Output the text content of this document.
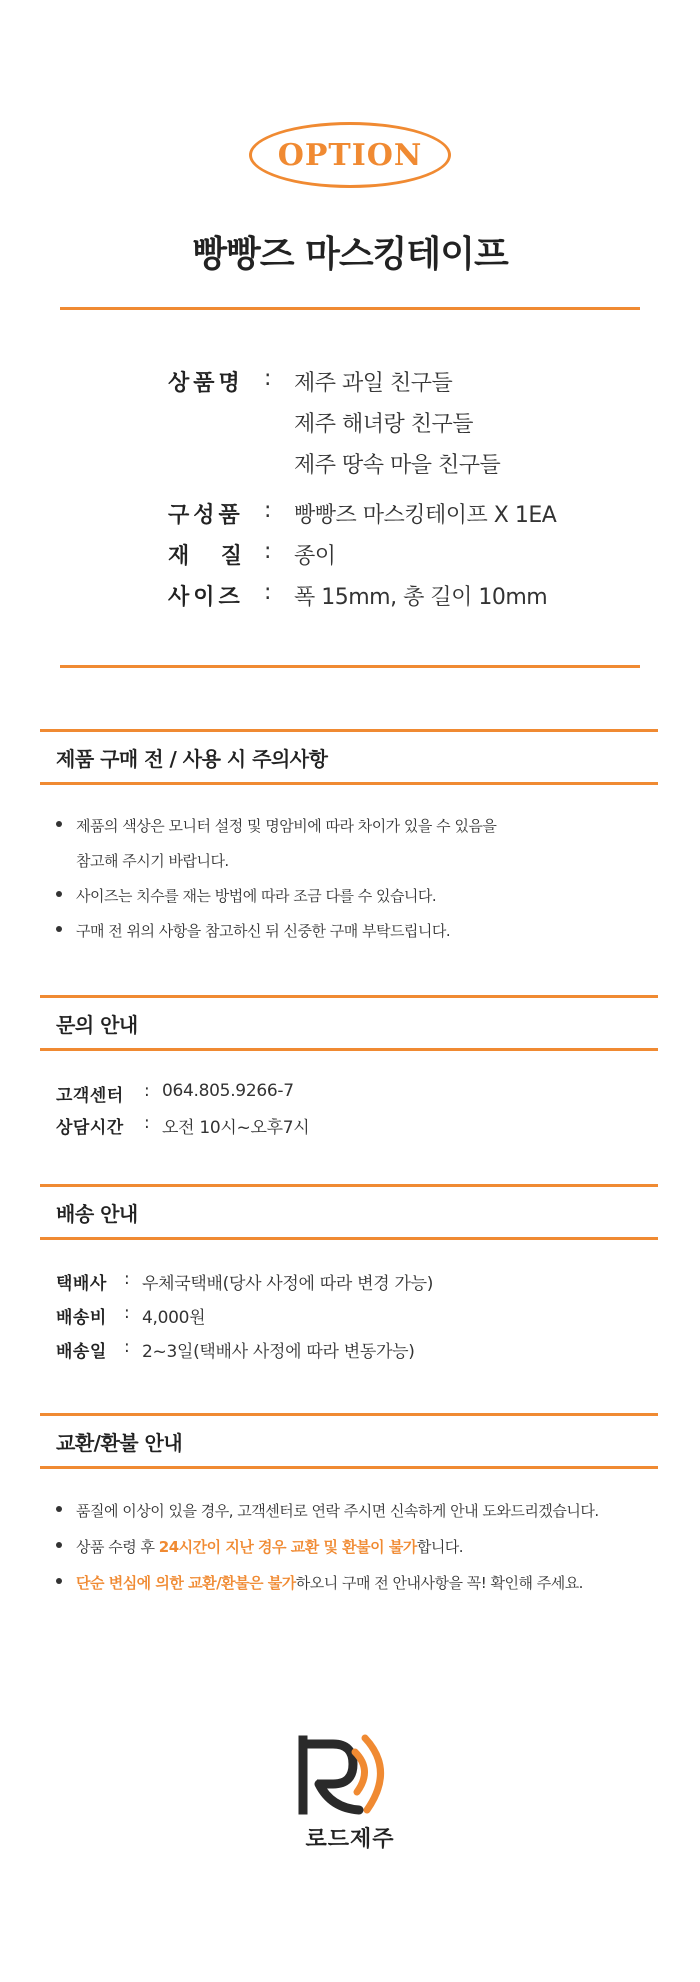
OPTION
빵빵즈 마스킹테이프
상품명 : 제주 과일 친구들
제주 해녀랑 친구들
제주 땅속 마을 친구들
구성품 : 빵빵즈 마스킹테이프 X 1EA
재 질 : 종이
사이즈 : 폭 15mm, 총 길이 10mm
제품 구매 전 / 사용 시 주의사항
제품의 색상은 모니터 설정 및 명암비에 따라 차이가 있을 수 있음을
참고해 주시기 바랍니다.
사이즈는 치수를 재는 방법에 따라 조금 다를 수 있습니다.
구매 전 위의 사항을 참고하신 뒤 신중한 구매 부탁드립니다.
문의 안내
고객센터 : 064.805.9266-7
상담시간 : 오전 10시~오후7시
배송 안내
택배사 : 우체국택배(당사 사정에 따라 변경 가능)
배송비 : 4,000원
배송일 : 2~3일(택배사 사정에 따라 변동가능)
교환/환불 안내
품질에 이상이 있을 경우, 고객센터로 연락 주시면 신속하게 안내 도와드리겠습니다.
상품 수령 후 24시간이 지난 경우 교환 및 환불이 불가합니다.
단순 변심에 의한 교환/환불은 불가하오니 구매 전 안내사항을 꼭! 확인해 주세요.
로드제주
